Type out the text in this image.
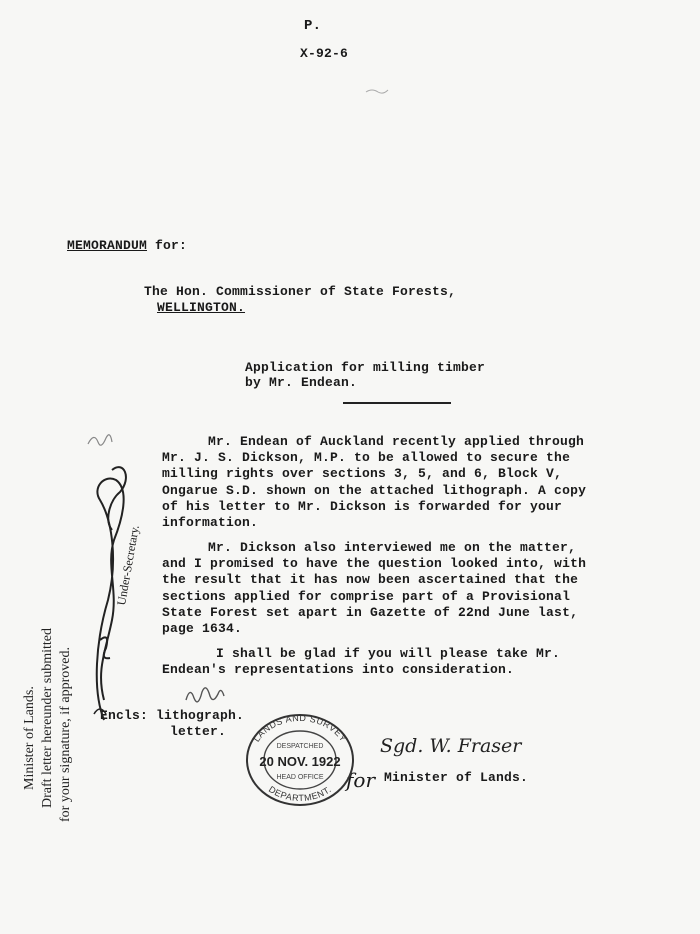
P.
X-92-6
MEMORANDUM for:
The Hon. Commissioner of State Forests,
WELLINGTON.
Application for milling timber
by Mr. Endean.
Mr. Endean of Auckland recently applied through
Mr. J. S. Dickson, M.P. to be allowed to secure the
milling rights over sections 3, 5, and 6, Block V,
Ongarue S.D. shown on the attached lithograph. A copy
of his letter to Mr. Dickson is forwarded for your
information.
Mr. Dickson also interviewed me on the matter,
and I promised to have the question looked into, with
the result that it has now been ascertained that the
sections applied for comprise part of a Provisional
State Forest set apart in Gazette of 22nd June last,
page 1634.
I shall be glad if you will please take Mr.
Endean's representations into consideration.
Encls: lithograph.
letter.
for Minister of Lands.
Minister of Lands. Draft letter hereunder submitted for your signature, if approved.
Under-Secretary.
LANDS AND SURVEY
DEPARTMENT.
DESPATCHED
20 NOV. 1922
HEAD OFFICE
Sgd. W. Fraser
